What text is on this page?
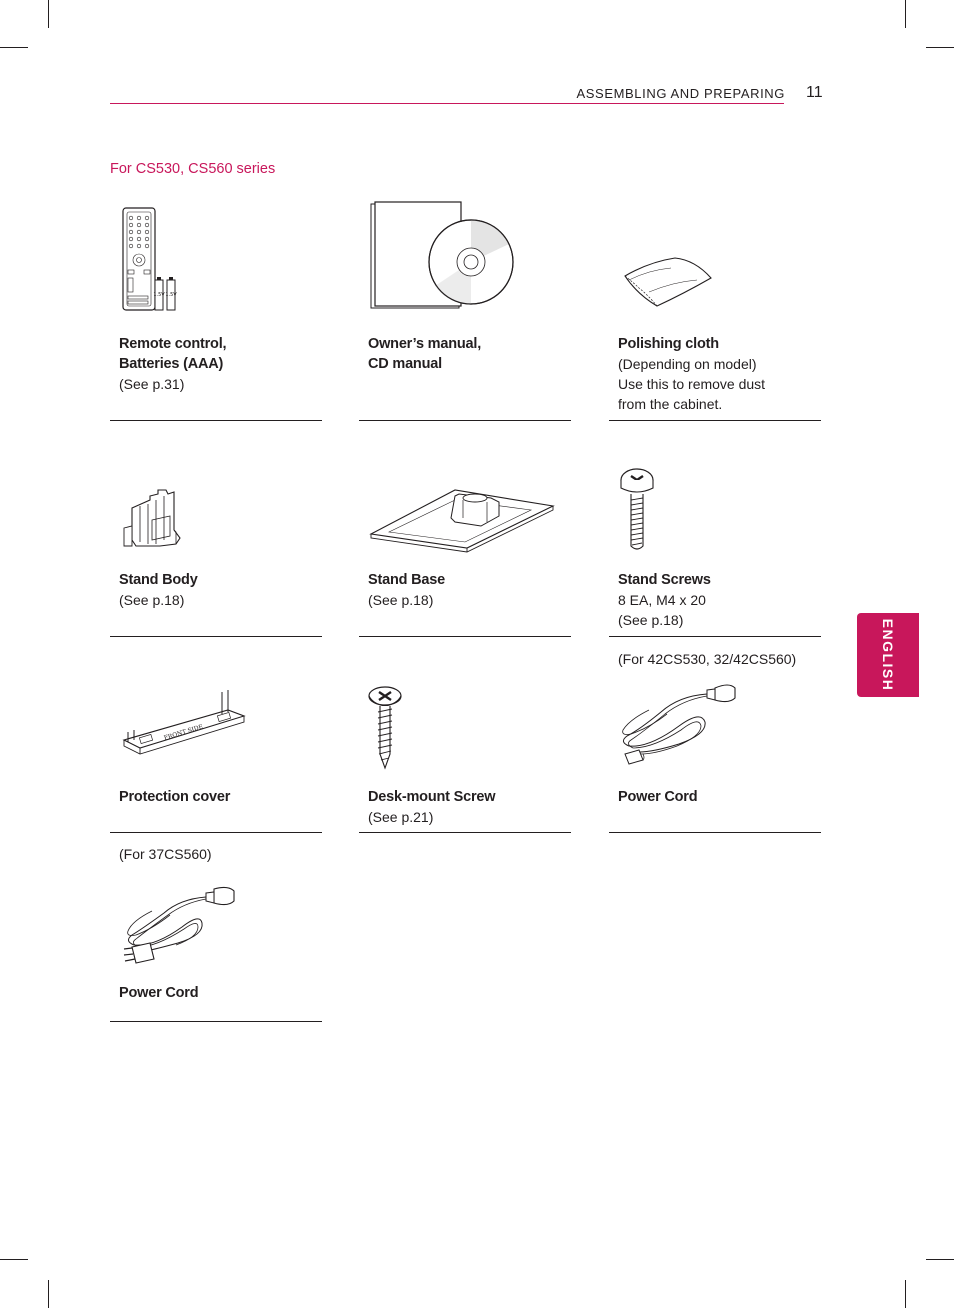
ASSEMBLING AND PREPARING 11
For CS530, CS560 series
ENGLISH
1.5V 1.5V
Remote control,
Batteries (AAA)
(See p.31)
Owner’s manual,
CD manual
Polishing cloth
(Depending on model)
Use this to remove dust
from the cabinet.
Stand Body
(See p.18)
Stand Base
(See p.18)
Stand Screws
8 EA, M4 x 20
(See p.18)
FRONT SIDE
Protection cover	Desk-mount Screw
(See p.21)
(For 42CS530, 32/42CS560)
Power Cord
(For 37CS560)
Power Cord
